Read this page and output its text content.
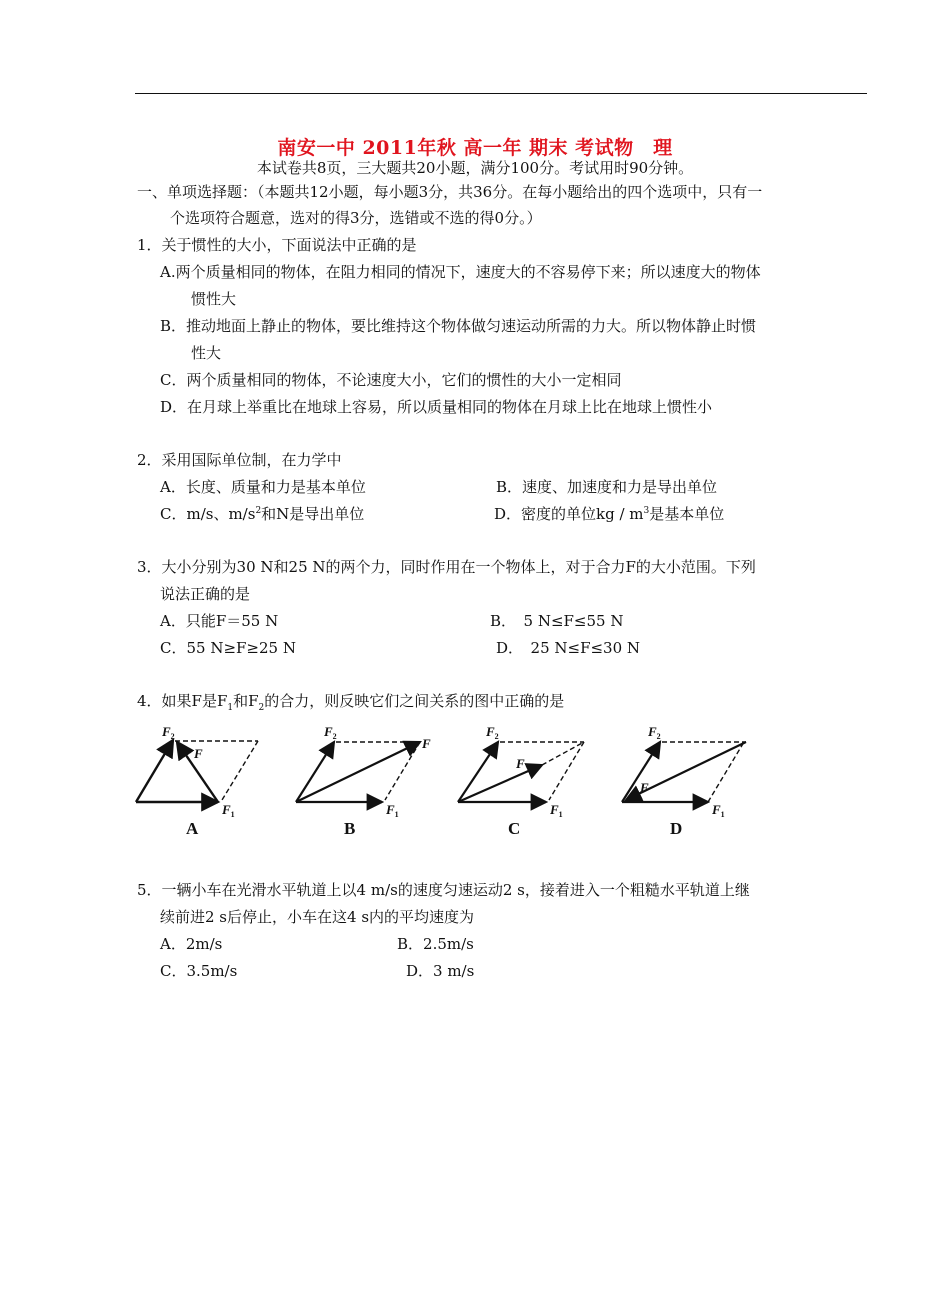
南安一中 2011年秋 高一年 期末 考试物　理
本试卷共8页，三大题共20小题，满分100分。考试用时90分钟。
一、单项选择题：（本题共12小题，每小题3分，共36分。在每小题给出的四个选项中，只有一
个选项符合题意，选对的得3分，选错或不选的得0分。）
1．关于惯性的大小，下面说法中正确的是
A.两个质量相同的物体，在阻力相同的情况下，速度大的不容易停下来；所以速度大的物体
惯性大
B．推动地面上静止的物体，要比维持这个物体做匀速运动所需的力大。所以物体静止时惯
性大
C．两个质量相同的物体，不论速度大小，它们的惯性的大小一定相同
D．在月球上举重比在地球上容易，所以质量相同的物体在月球上比在地球上惯性小
2．采用国际单位制，在力学中
A．长度、质量和力是基本单位	B．速度、加速度和力是导出单位
C．m/s、$m/s^2$和N是导出单位	D．密度的单位kg / $m^3$是基本单位
3．大小分别为30 N和25 N的两个力，同时作用在一个物体上，对于合力F的大小范围。下列
说法正确的是
A．只能F＝55 N	B．　5 N≤F≤55 N
C．55 N≥F≥25 N	D．　25 N≤F≤30 N
4．如果F是$F_1$和$F_2$的合力，则反映它们之间关系的图中正确的是
$F_2$
F
$F_1$
A
$F_2$	F
$F_1$
B
$F_2$
F
$F_1$
C
$F_2$
F
$F_1$
D
5．一辆小车在光滑水平轨道上以4 m/s的速度匀速运动2 s，接着进入一个粗糙水平轨道上继
续前进2 s后停止，小车在这4 s内的平均速度为
A．2m/s	B．2.5m/s
C．3.5m/s	D．3 m/s
